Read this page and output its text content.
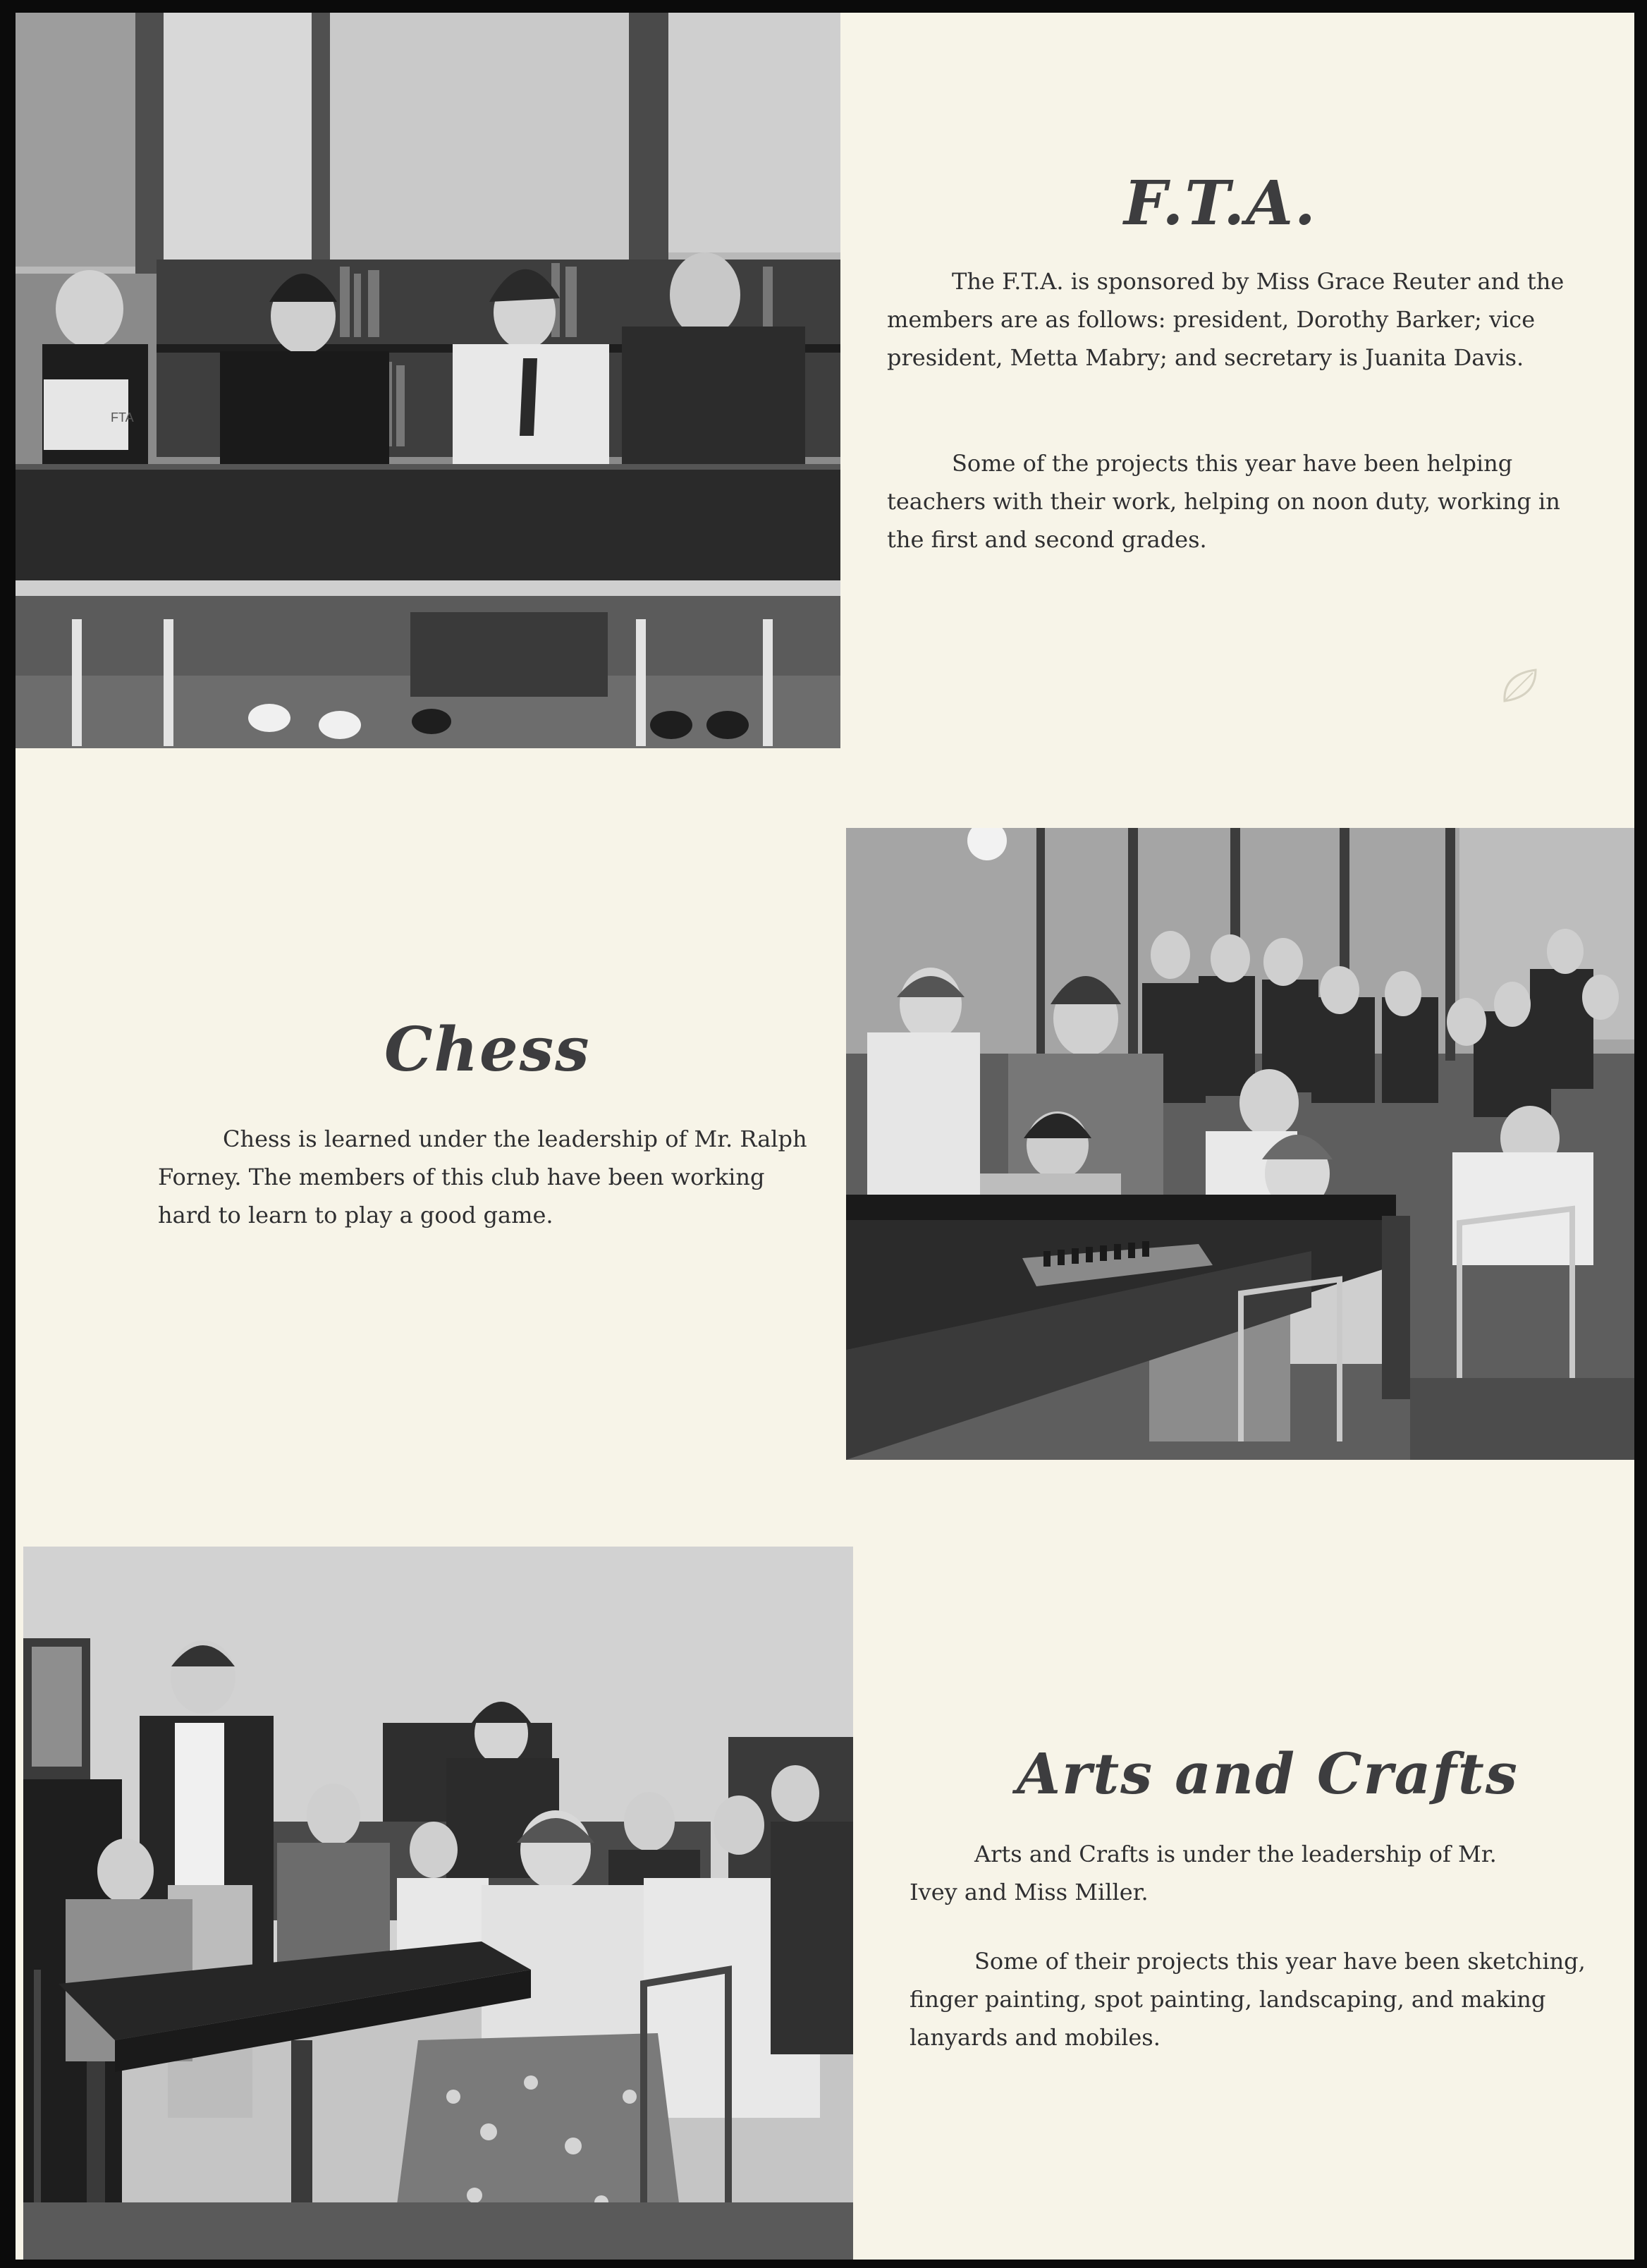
FTA
F.T.A.

The F.T.A. is sponsored by Miss Grace Reuter and the members are as follows: president, Dorothy Barker; vice president, Metta Mabry; and secretary is Juanita Davis.

Some of the projects this year have been helping teachers with their work, helping on noon duty, working in the first and second grades.

Chess

Chess is learned under the leadership of Mr. Ralph Forney. The members of this club have been working hard to learn to play a good game.

Arts and Crafts

Arts and Crafts is under the leadership of Mr. Ivey and Miss Miller.

Some of their projects this year have been sketching, finger painting, spot painting, landscaping, and making lanyards and mobiles.
